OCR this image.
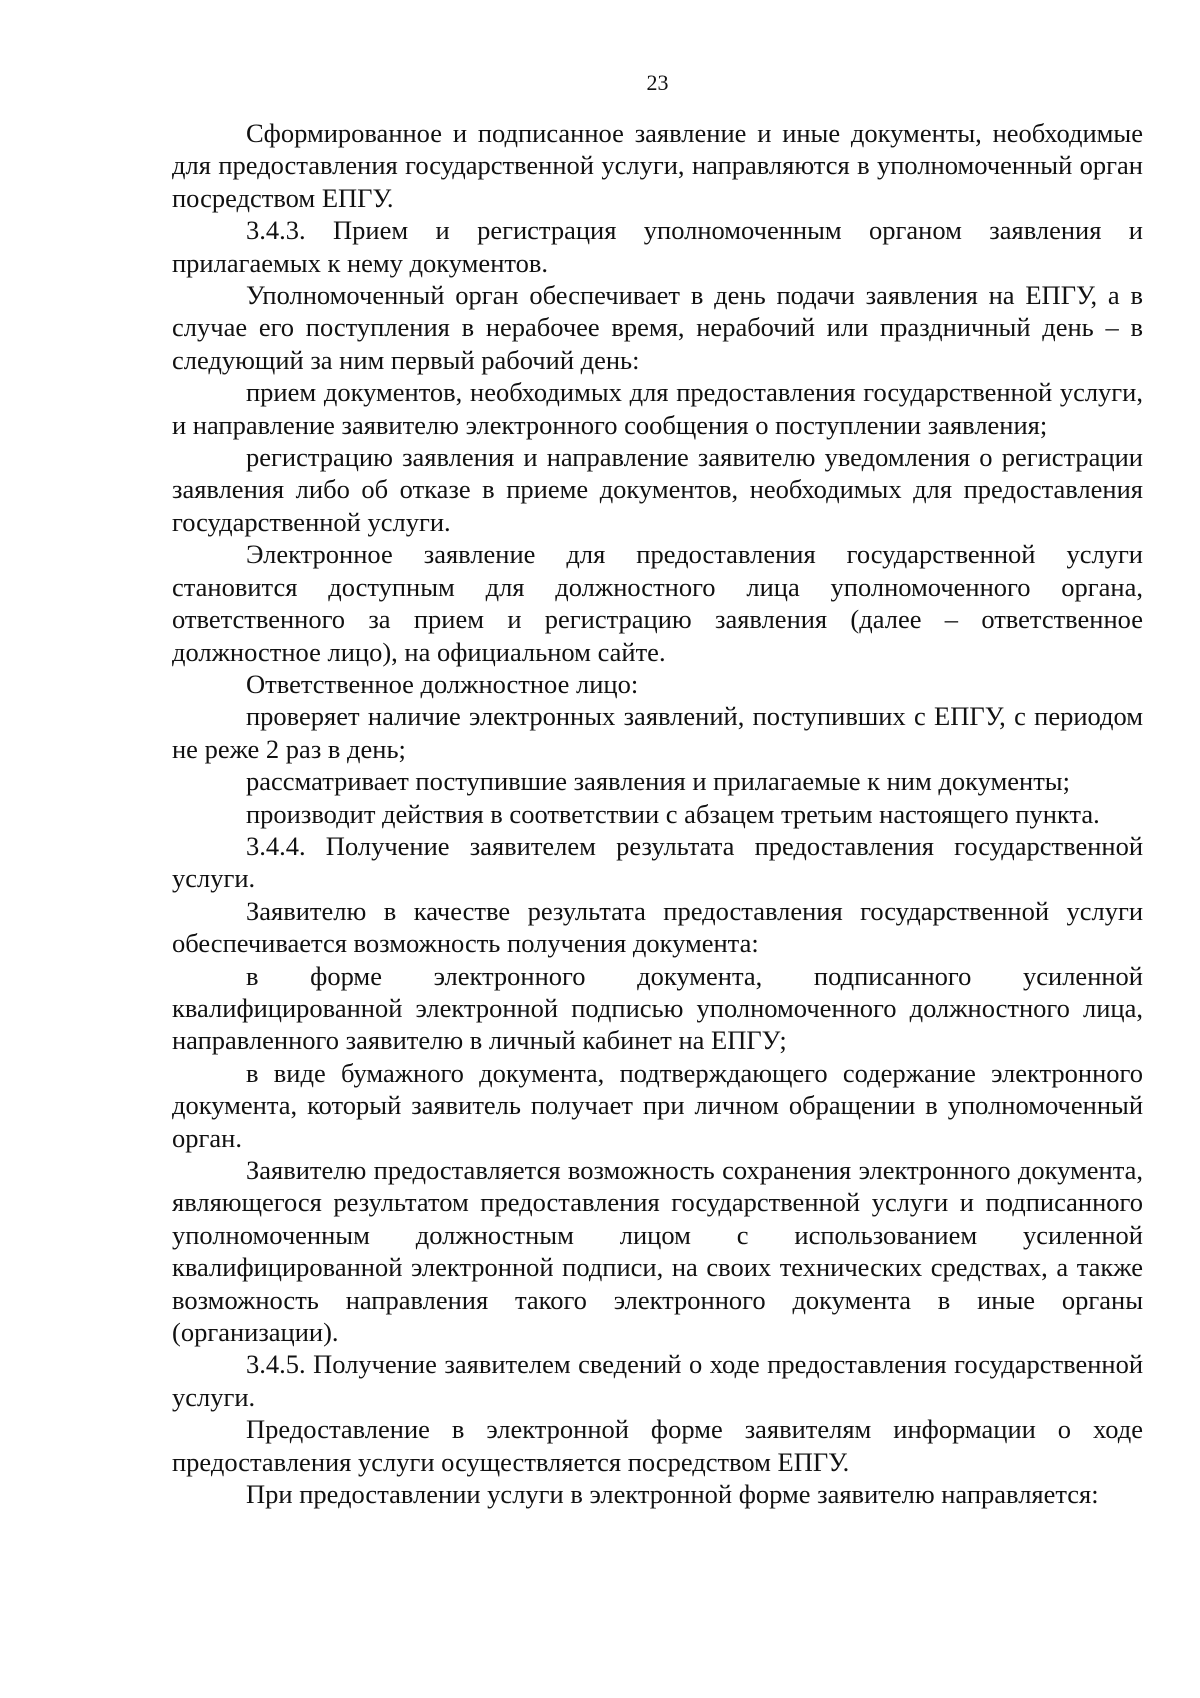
23

Сформированное и подписанное заявление и иные документы, необходимые для предоставления государственной услуги, направляются в уполномоченный орган посредством ЕПГУ.

3.4.3. Прием и регистрация уполномоченным органом заявления и прилагаемых к нему документов.

Уполномоченный орган обеспечивает в день подачи заявления на ЕПГУ, а в случае его поступления в нерабочее время, нерабочий или праздничный день – в следующий за ним первый рабочий день:

прием документов, необходимых для предоставления государственной услуги, и направление заявителю электронного сообщения о поступлении заявления;

регистрацию заявления и направление заявителю уведомления о регистрации заявления либо об отказе в приеме документов, необходимых для предоставления государственной услуги.

Электронное заявление для предоставления государственной услуги становится доступным для должностного лица уполномоченного органа, ответственного за прием и регистрацию заявления (далее – ответственное должностное лицо), на официальном сайте.

Ответственное должностное лицо:

проверяет наличие электронных заявлений, поступивших с ЕПГУ, с периодом не реже 2 раз в день;

рассматривает поступившие заявления и прилагаемые к ним документы;

производит действия в соответствии с абзацем третьим настоящего пункта.

3.4.4. Получение заявителем результата предоставления государственной услуги.

Заявителю в качестве результата предоставления государственной услуги обеспечивается возможность получения документа:

в форме электронного документа, подписанного усиленной квалифицированной электронной подписью уполномоченного должностного лица, направленного заявителю в личный кабинет на ЕПГУ;

в виде бумажного документа, подтверждающего содержание электронного документа, который заявитель получает при личном обращении в уполномоченный орган.

Заявителю предоставляется возможность сохранения электронного документа, являющегося результатом предоставления государственной услуги и подписанного уполномоченным должностным лицом с использованием усиленной квалифицированной электронной подписи, на своих технических средствах, а также возможность направления такого электронного документа в иные органы (организации).

3.4.5. Получение заявителем сведений о ходе предоставления государственной услуги.

Предоставление в электронной форме заявителям информации о ходе предоставления услуги осуществляется посредством ЕПГУ.

При предоставлении услуги в электронной форме заявителю направляется:
